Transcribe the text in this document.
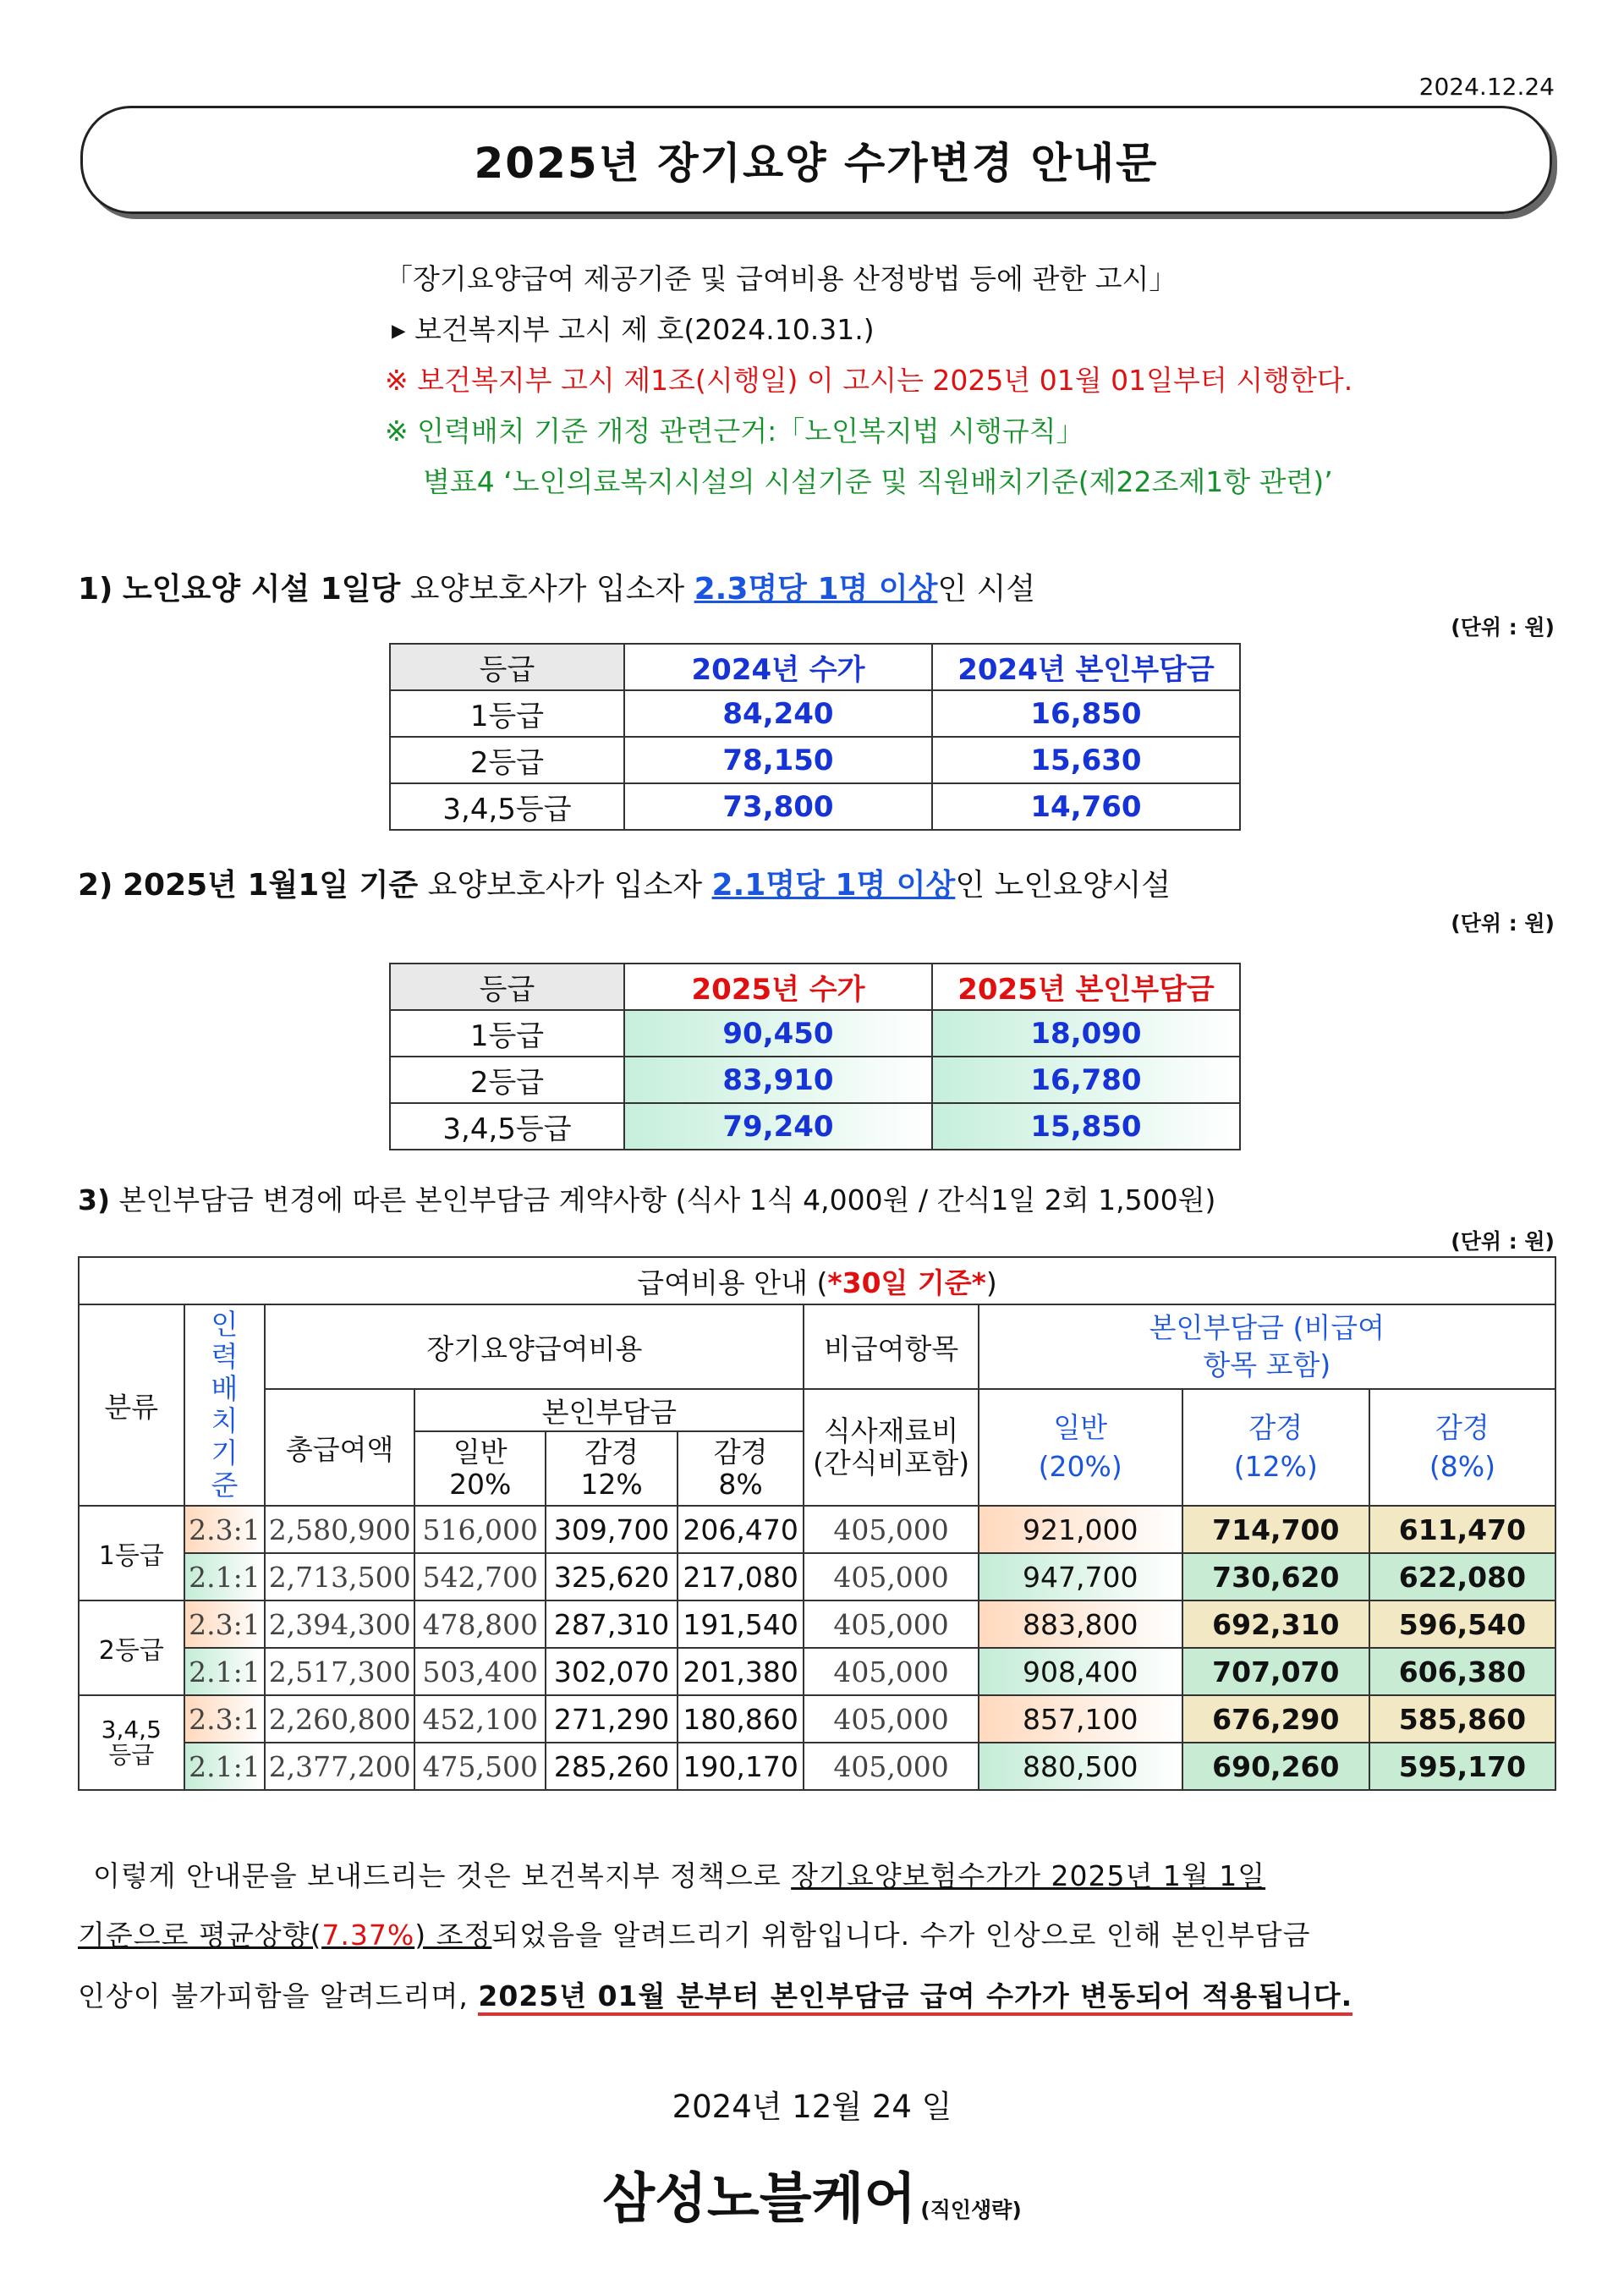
2024.12.24
2025년 장기요양 수가변경 안내문
「장기요양급여 제공기준 및 급여비용 산정방법 등에 관한 고시」
▸ 보건복지부 고시 제 호(2024.10.31.)
※ 보건복지부 고시 제1조(시행일) 이 고시는 2025년 01월 01일부터 시행한다.
※ 인력배치 기준 개정 관련근거:「노인복지법 시행규칙」
별표4 ‘노인의료복지시설의 시설기준 및 직원배치기준(제22조제1항 관련)’
1) 노인요양 시설 1일당 요양보호사가 입소자 2.3명당 1명 이상인 시설
(단위 : 원)
등급	2024년 수가	2024년 본인부담금
1등급	84,240	16,850
2등급	78,150	15,630
3,4,5등급	73,800	14,760
2) 2025년 1월1일 기준 요양보호사가 입소자 2.1명당 1명 이상인 노인요양시설
(단위 : 원)
등급	2025년 수가	2025년 본인부담금
1등급	90,450	18,090
2등급	83,910	16,780
3,4,5등급	79,240	15,850
3) 본인부담금 변경에 따른 본인부담금 계약사항 (식사 1식 4,000원 / 간식1일 2회 1,500원)
(단위 : 원)
급여비용 안내 (*30일 기준*)									
분류	인력 배치 기준	장기요양급여비용				비급여항목	본인부담금 (비급여항목 포함)		
		총급여액	본인부담금			식사재료비 (간식비포함)	일반 (20%)	감경 (12%)	감경 (8%)
			일반 20%	감경 12%	감경 8%				
1등급	2.3:1	2,580,900	516,000	309,700	206,470	405,000	921,000	714,700	611,470
	2.1:1	2,713,500	542,700	325,620	217,080	405,000	947,700	730,620	622,080
2등급	2.3:1	2,394,300	478,800	287,310	191,540	405,000	883,800	692,310	596,540
	2.1:1	2,517,300	503,400	302,070	201,380	405,000	908,400	707,070	606,380
3,4,5 등급	2.3:1	2,260,800	452,100	271,290	180,860	405,000	857,100	676,290	585,860
	2.1:1	2,377,200	475,500	285,260	190,170	405,000	880,500	690,260	595,170
이렇게 안내문을 보내드리는 것은 보건복지부 정책으로 장기요양보험수가가 2025년 1월 1일
기준으로 평균상향(7.37%) 조정되었음을 알려드리기 위함입니다. 수가 인상으로 인해 본인부담금
인상이 불가피함을 알려드리며, 2025년 01월 분부터 본인부담금 급여 수가가 변동되어 적용됩니다.
2024년 12월 24 일
삼성노블케어 (직인생략)
